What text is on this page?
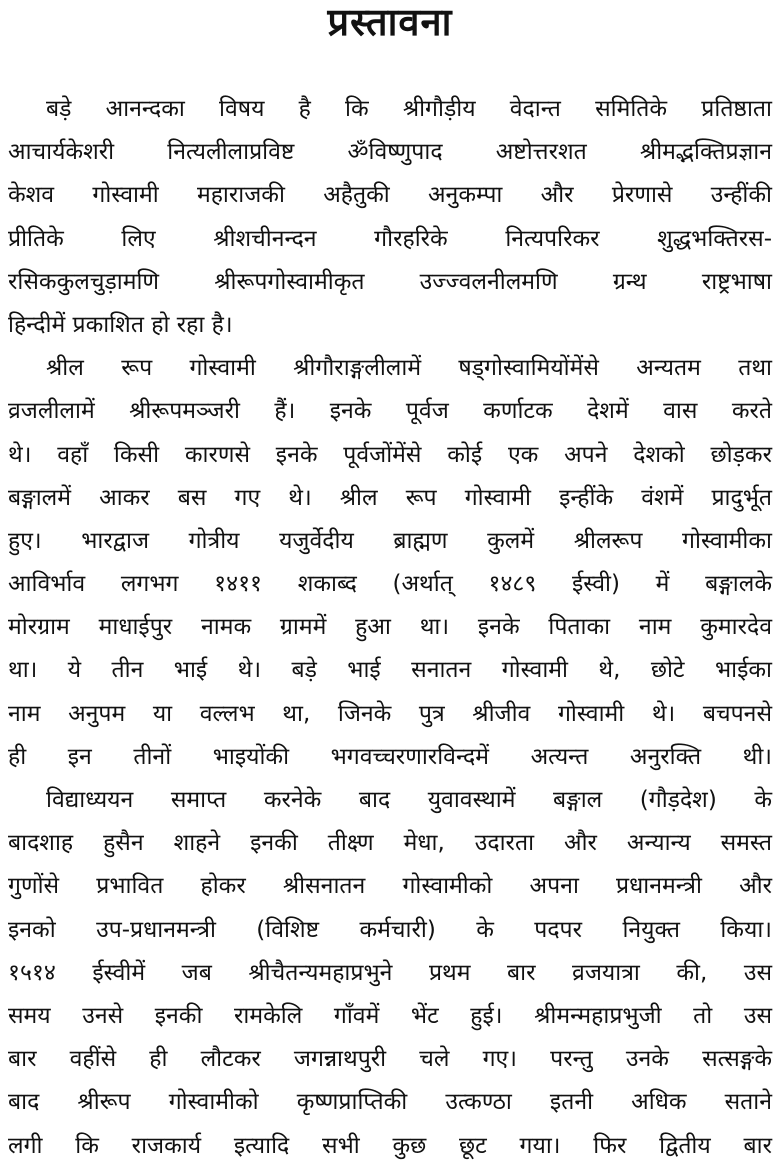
प्रस्तावना
बड़े आनन्दका विषय है कि श्रीगौड़ीय वेदान्त समितिके प्रतिष्ठाता
आचार्यकेशरी नित्यलीलाप्रविष्ट ॐविष्णुपाद अष्टोत्तरशत श्रीमद्भक्तिप्रज्ञान
केशव गोस्वामी महाराजकी अहैतुकी अनुकम्पा और प्रेरणासे उन्हींकी
प्रीतिके लिए श्रीशचीनन्दन गौरहरिके नित्यपरिकर शुद्धभक्तिरस-
रसिककुलचुड़ामणि श्रीरूपगोस्वामीकृत उज्ज्वलनीलमणि ग्रन्थ राष्ट्रभाषा
हिन्दीमें प्रकाशित हो रहा है।
श्रील रूप गोस्वामी श्रीगौराङ्गलीलामें षड्गोस्वामियोंमेंसे अन्यतम तथा
व्रजलीलामें श्रीरूपमञ्जरी हैं। इनके पूर्वज कर्णाटक देशमें वास करते
थे। वहाँ किसी कारणसे इनके पूर्वजोंमेंसे कोई एक अपने देशको छोड़कर
बङ्गालमें आकर बस गए थे। श्रील रूप गोस्वामी इन्हींके वंशमें प्रादुर्भूत
हुए। भारद्वाज गोत्रीय यजुर्वेदीय ब्राह्मण कुलमें श्रीलरूप गोस्वामीका
आविर्भाव लगभग १४११ शकाब्द (अर्थात् १४८९ ईस्वी) में बङ्गालके
मोरग्राम माधाईपुर नामक ग्राममें हुआ था। इनके पिताका नाम कुमारदेव
था। ये तीन भाई थे। बड़े भाई सनातन गोस्वामी थे, छोटे भाईका
नाम अनुपम या वल्लभ था, जिनके पुत्र श्रीजीव गोस्वामी थे। बचपनसे
ही इन तीनों भाइयोंकी भगवच्चरणारविन्दमें अत्यन्त अनुरक्ति थी।
विद्याध्ययन समाप्त करनेके बाद युवावस्थामें बङ्गाल (गौड़देश) के
बादशाह हुसैन शाहने इनकी तीक्ष्ण मेधा, उदारता और अन्यान्य समस्त
गुणोंसे प्रभावित होकर श्रीसनातन गोस्वामीको अपना प्रधानमन्त्री और
इनको उप-प्रधानमन्त्री (विशिष्ट कर्मचारी) के पदपर नियुक्त किया।
१५१४ ईस्वीमें जब श्रीचैतन्यमहाप्रभुने प्रथम बार व्रजयात्रा की, उस
समय उनसे इनकी रामकेलि गाँवमें भेंट हुई। श्रीमन्महाप्रभुजी तो उस
बार वहींसे ही लौटकर जगन्नाथपुरी चले गए। परन्तु उनके सत्सङ्गके
बाद श्रीरूप गोस्वामीको कृष्णप्राप्तिकी उत्कण्ठा इतनी अधिक सताने
लगी कि राजकार्य इत्यादि सभी कुछ छूट गया। फिर द्वितीय बार
